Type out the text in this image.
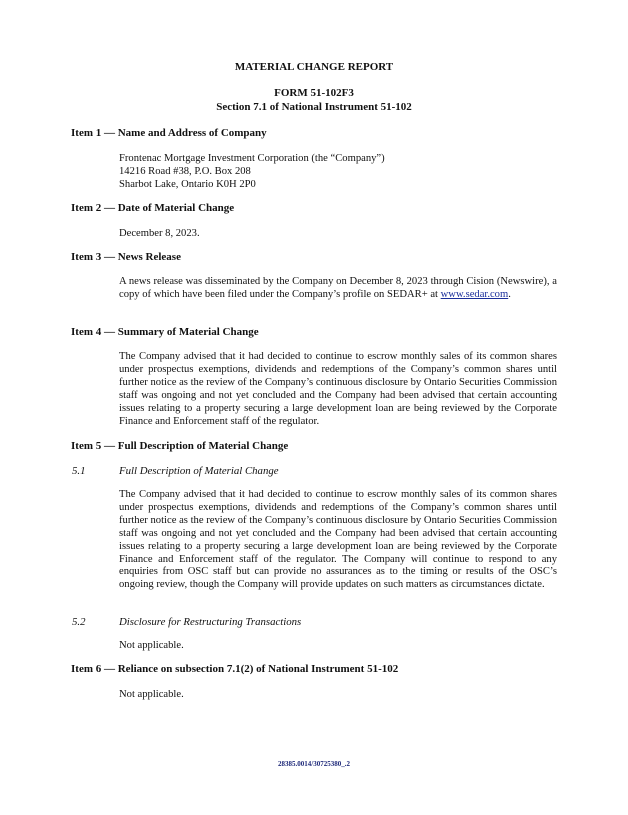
MATERIAL CHANGE REPORT
FORM 51-102F3
Section 7.1 of National Instrument 51-102
Item 1 — Name and Address of Company
Frontenac Mortgage Investment Corporation (the “Company”)
14216 Road #38, P.O. Box 208
Sharbot Lake, Ontario K0H 2P0
Item 2 — Date of Material Change
December 8, 2023.
Item 3 — News Release
A news release was disseminated by the Company on December 8, 2023 through Cision (Newswire), a copy of which have been filed under the Company’s profile on SEDAR+ at www.sedar.com.
Item 4 — Summary of Material Change
The Company advised that it had decided to continue to escrow monthly sales of its common shares under prospectus exemptions, dividends and redemptions of the Company’s common shares until further notice as the review of the Company’s continuous disclosure by Ontario Securities Commission staff was ongoing and not yet concluded and the Company had been advised that certain accounting issues relating to a property securing a large development loan are being reviewed by the Corporate Finance and Enforcement staff of the regulator.
Item 5 — Full Description of Material Change
5.1	Full Description of Material Change
The Company advised that it had decided to continue to escrow monthly sales of its common shares under prospectus exemptions, dividends and redemptions of the Company’s common shares until further notice as the review of the Company’s continuous disclosure by Ontario Securities Commission staff was ongoing and not yet concluded and the Company had been advised that certain accounting issues relating to a property securing a large development loan are being reviewed by the Corporate Finance and Enforcement staff of the regulator. The Company will continue to respond to any enquiries from OSC staff but can provide no assurances as to the timing or results of the OSC’s ongoing review, though the Company will provide updates on such matters as circumstances dictate.
5.2	Disclosure for Restructuring Transactions
Not applicable.
Item 6 — Reliance on subsection 7.1(2) of National Instrument 51-102
Not applicable.
28385.0014/30725380_.2
